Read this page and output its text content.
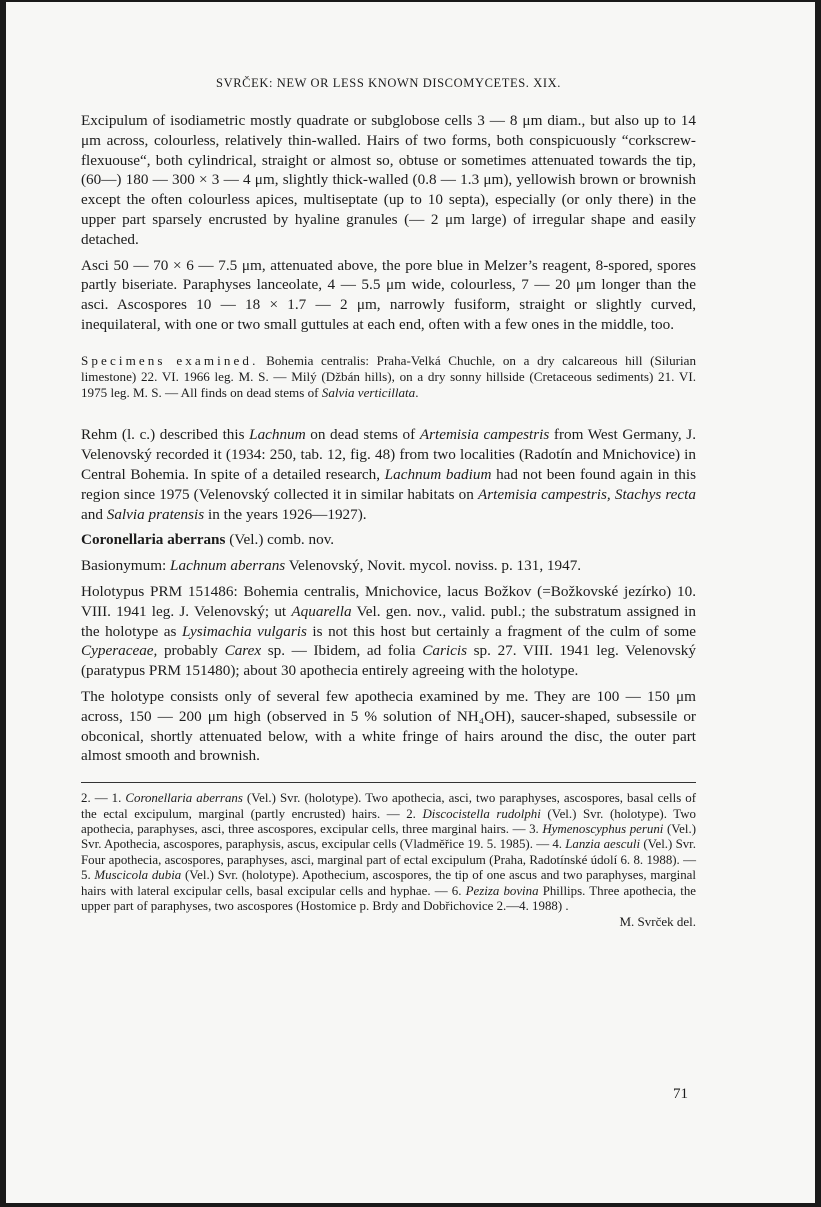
SVRČEK: NEW OR LESS KNOWN DISCOMYCETES. XIX.

Excipulum of isodiametric mostly quadrate or subglobose cells 3 — 8 μm diam., but also up to 14 μm across, colourless, relatively thin-walled. Hairs of two forms, both conspicuously “corkscrew-flexuouse“, both cylindrical, straight or almost so, obtuse or sometimes attenuated towards the tip, (60—) 180 — 300 × 3 — 4 μm, slightly thick-walled (0.8 — 1.3 μm), yellowish brown or brownish except the often colourless apices, multiseptate (up to 10 septa), especially (or only there) in the upper part sparsely encrusted by hyaline granules (— 2 μm large) of irregular shape and easily detached.

Asci 50 — 70 × 6 — 7.5 μm, attenuated above, the pore blue in Melzer’s reagent, 8-spored, spores partly biseriate. Paraphyses lanceolate, 4 — 5.5 μm wide, colourless, 7 — 20 μm longer than the asci. Ascospores 10 — 18 × 1.7 — 2 μm, narrowly fusiform, straight or slightly curved, inequilateral, with one or two small guttules at each end, often with a few ones in the middle, too.

Specimens examined. Bohemia centralis: Praha-Velká Chuchle, on a dry calcareous hill (Silurian limestone) 22. VI. 1966 leg. M. S. — Milý (Džbán hills), on a dry sonny hillside (Cretaceous sediments) 21. VI. 1975 leg. M. S. — All finds on dead stems of Salvia verticillata.

Rehm (l. c.) described this Lachnum on dead stems of Artemisia campestris from West Germany, J. Velenovský recorded it (1934: 250, tab. 12, fig. 48) from two localities (Radotín and Mnichovice) in Central Bohemia. In spite of a detailed research, Lachnum badium had not been found again in this region since 1975 (Velenovský collected it in similar habitats on Artemisia campestris, Stachys recta and Salvia pratensis in the years 1926—1927).

Coronellaria aberrans (Vel.) comb. nov.

Basionymum: Lachnum aberrans Velenovský, Novit. mycol. noviss. p. 131, 1947.

Holotypus PRM 151486: Bohemia centralis, Mnichovice, lacus Božkov (=Božkovské jezírko) 10. VIII. 1941 leg. J. Velenovský; ut Aquarella Vel. gen. nov., valid. publ.; the substratum assigned in the holotype as Lysimachia vulgaris is not this host but certainly a fragment of the culm of some Cyperaceae, probably Carex sp. — Ibidem, ad folia Caricis sp. 27. VIII. 1941 leg. Velenovský (paratypus PRM 151480); about 30 apothecia entirely agreeing with the holotype.

The holotype consists only of several few apothecia examined by me. They are 100 — 150 μm across, 150 — 200 μm high (observed in 5 % solution of NH₄OH), saucer-shaped, subsessile or obconical, shortly attenuated below, with a white fringe of hairs around the disc, the outer part almost smooth and brownish.

2. — 1. Coronellaria aberrans (Vel.) Svr. (holotype). Two apothecia, asci, two paraphyses, ascospores, basal cells of the ectal excipulum, marginal (partly encrusted) hairs. — 2. Discocistella rudolphi (Vel.) Svr. (holotype). Two apothecia, paraphyses, asci, three ascospores, excipular cells, three marginal hairs. — 3. Hymenoscyphus peruni (Vel.) Svr. Apothecia, ascospores, paraphysis, ascus, excipular cells (Vladměřice 19. 5. 1985). — 4. Lanzia aesculi (Vel.) Svr. Four apothecia, ascospores, paraphyses, asci, marginal part of ectal excipulum (Praha, Radotínské údolí 6. 8. 1988). — 5. Muscicola dubia (Vel.) Svr. (holotype). Apothecium, ascospores, the tip of one ascus and two paraphyses, marginal hairs with lateral excipular cells, basal excipular cells and hyphae. — 6. Peziza bovina Phillips. Three apothecia, the upper part of paraphyses, two ascospores (Hostomice p. Brdy and Dobřichovice 2.—4. 1988) .

M. Svrček del.

71
